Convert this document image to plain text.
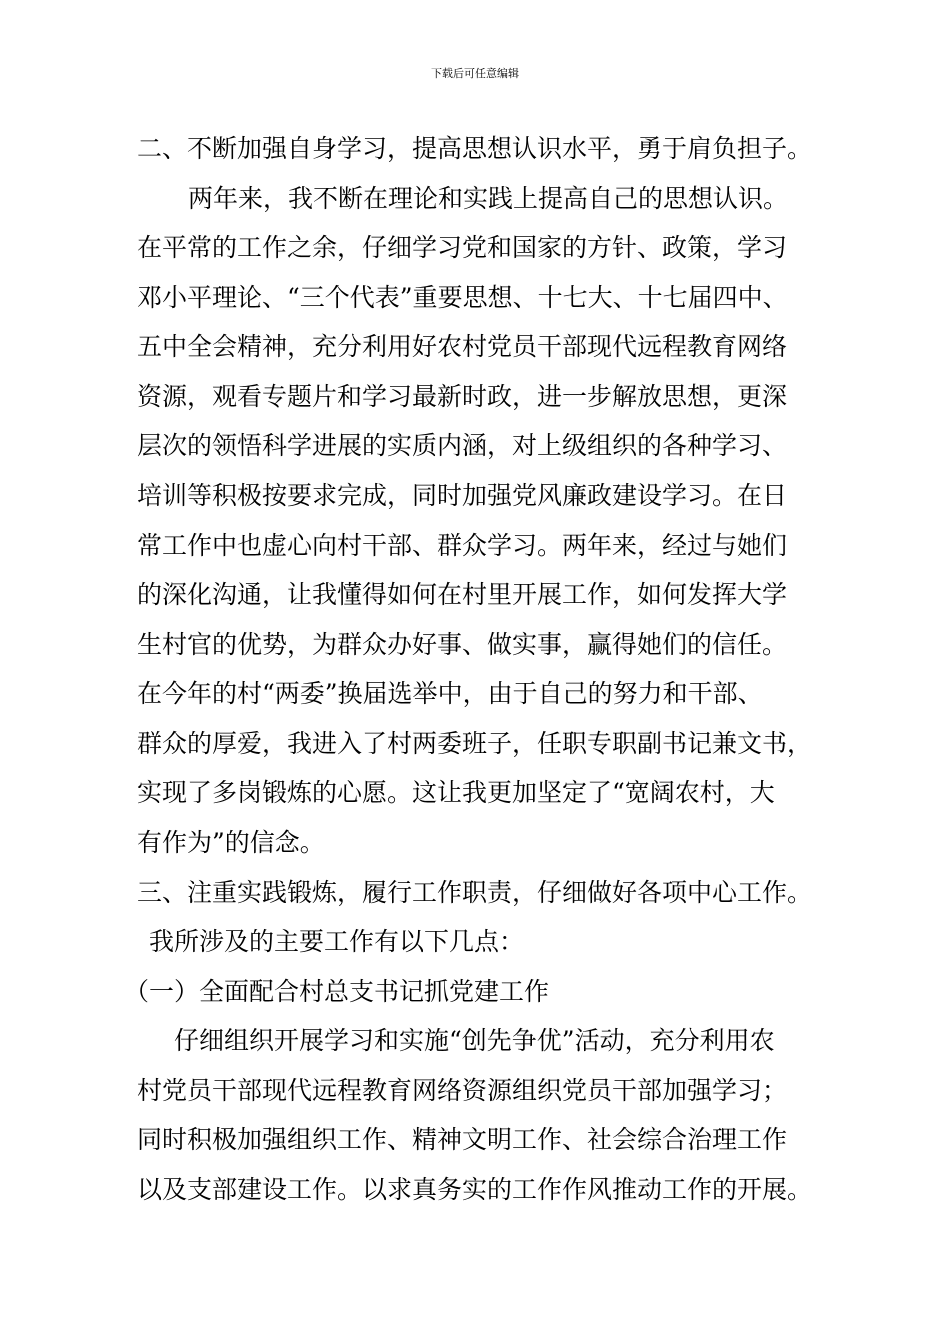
下载后可任意编辑
二、不断加强自身学习，提高思想认识水平，勇于肩负担子。
两年来，我不断在理论和实践上提高自己的思想认识。
在平常的工作之余，仔细学习党和国家的方针、政策，学习
邓小平理论、“三个代表”重要思想、十七大、十七届四中、
五中全会精神，充分利用好农村党员干部现代远程教育网络
资源，观看专题片和学习最新时政，进一步解放思想，更深
层次的领悟科学进展的实质内涵，对上级组织的各种学习、
培训等积极按要求完成，同时加强党风廉政建设学习。在日
常工作中也虚心向村干部、群众学习。两年来，经过与她们
的深化沟通，让我懂得如何在村里开展工作，如何发挥大学
生村官的优势，为群众办好事、做实事，赢得她们的信任。
在今年的村“两委”换届选举中，由于自己的努力和干部、
群众的厚爱，我进入了村两委班子，任职专职副书记兼文书，
实现了多岗锻炼的心愿。这让我更加坚定了“宽阔农村，大
有作为”的信念。
三、注重实践锻炼，履行工作职责，仔细做好各项中心工作。
我所涉及的主要工作有以下几点：
（一）全面配合村总支书记抓党建工作
仔细组织开展学习和实施“创先争优”活动，充分利用农
村党员干部现代远程教育网络资源组织党员干部加强学习；
同时积极加强组织工作、精神文明工作、社会综合治理工作
以及支部建设工作。以求真务实的工作作风推动工作的开展。
